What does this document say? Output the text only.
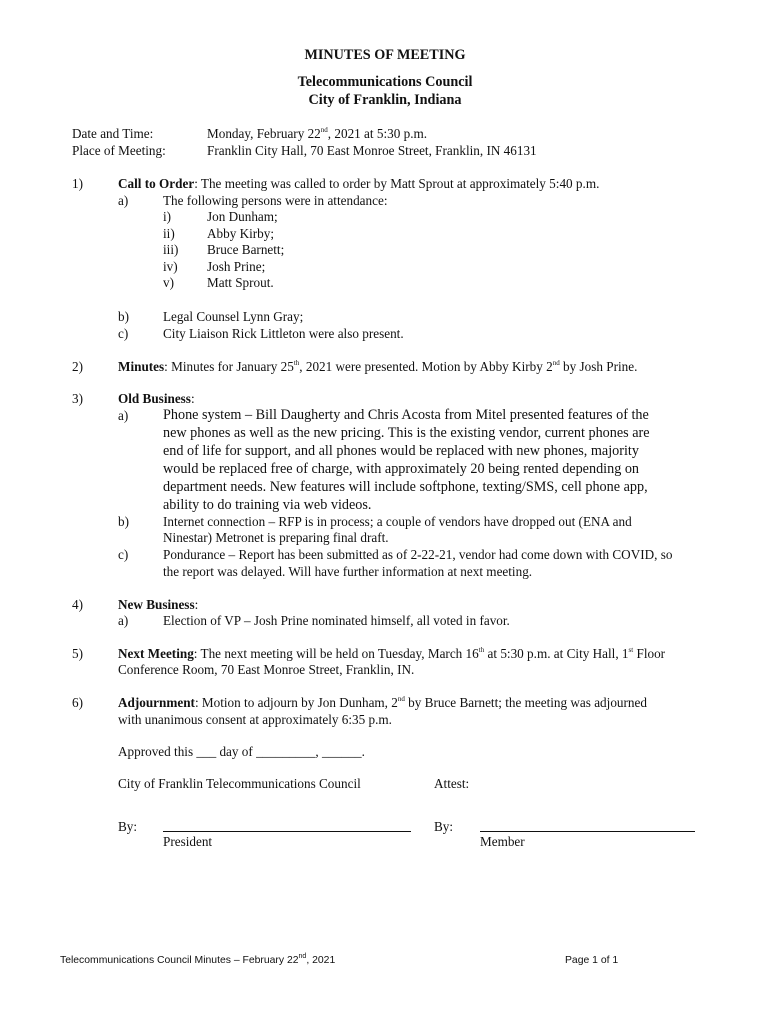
MINUTES OF MEETING
Telecommunications Council
City of Franklin, Indiana
Date and Time:	Monday, February 22nd, 2021 at 5:30 p.m.
Place of Meeting:	Franklin City Hall, 70 East Monroe Street, Franklin, IN 46131
1)	Call to Order: The meeting was called to order by Matt Sprout at approximately 5:40 p.m.
a)	The following persons were in attendance:
i)	Jon Dunham;
ii) Abby Kirby;
iii) Bruce Barnett;
iv) Josh Prine;
v)	Matt Sprout.
b)	Legal Counsel Lynn Gray;
c)	City Liaison Rick Littleton were also present.
2)	Minutes: Minutes for January 25th, 2021 were presented. Motion by Abby Kirby 2nd by Josh Prine.
3)	Old Business:
a) Phone system – Bill Daugherty and Chris Acosta from Mitel presented features of the
new phones as well as the new pricing. This is the existing vendor, current phones are
end of life for support, and all phones would be replaced with new phones, majority
would be replaced free of charge, with approximately 20 being rented depending on
department needs. New features will include softphone, texting/SMS, cell phone app,
ability to do training via web videos.
b)	Internet connection – RFP is in process; a couple of vendors have dropped out (ENA and
Ninestar) Metronet is preparing final draft.
c)	Pondurance – Report has been submitted as of 2-22-21, vendor had come down with COVID, so
the report was delayed. Will have further information at next meeting.
4)	New Business:
a)	Election of VP – Josh Prine nominated himself, all voted in favor.
5)	Next Meeting: The next meeting will be held on Tuesday, March 16th at 5:30 p.m. at City Hall, 1st Floor
Conference Room, 70 East Monroe Street, Franklin, IN.
6)	Adjournment: Motion to adjourn by Jon Dunham, 2nd by Bruce Barnett; the meeting was adjourned
with unanimous consent at approximately 6:35 p.m.
Approved this ___ day of _________, ______.
City of Franklin Telecommunications Council	Attest:
By:
President
By:
Member
Telecommunications Council Minutes – February 22nd, 2021	Page 1 of 1
